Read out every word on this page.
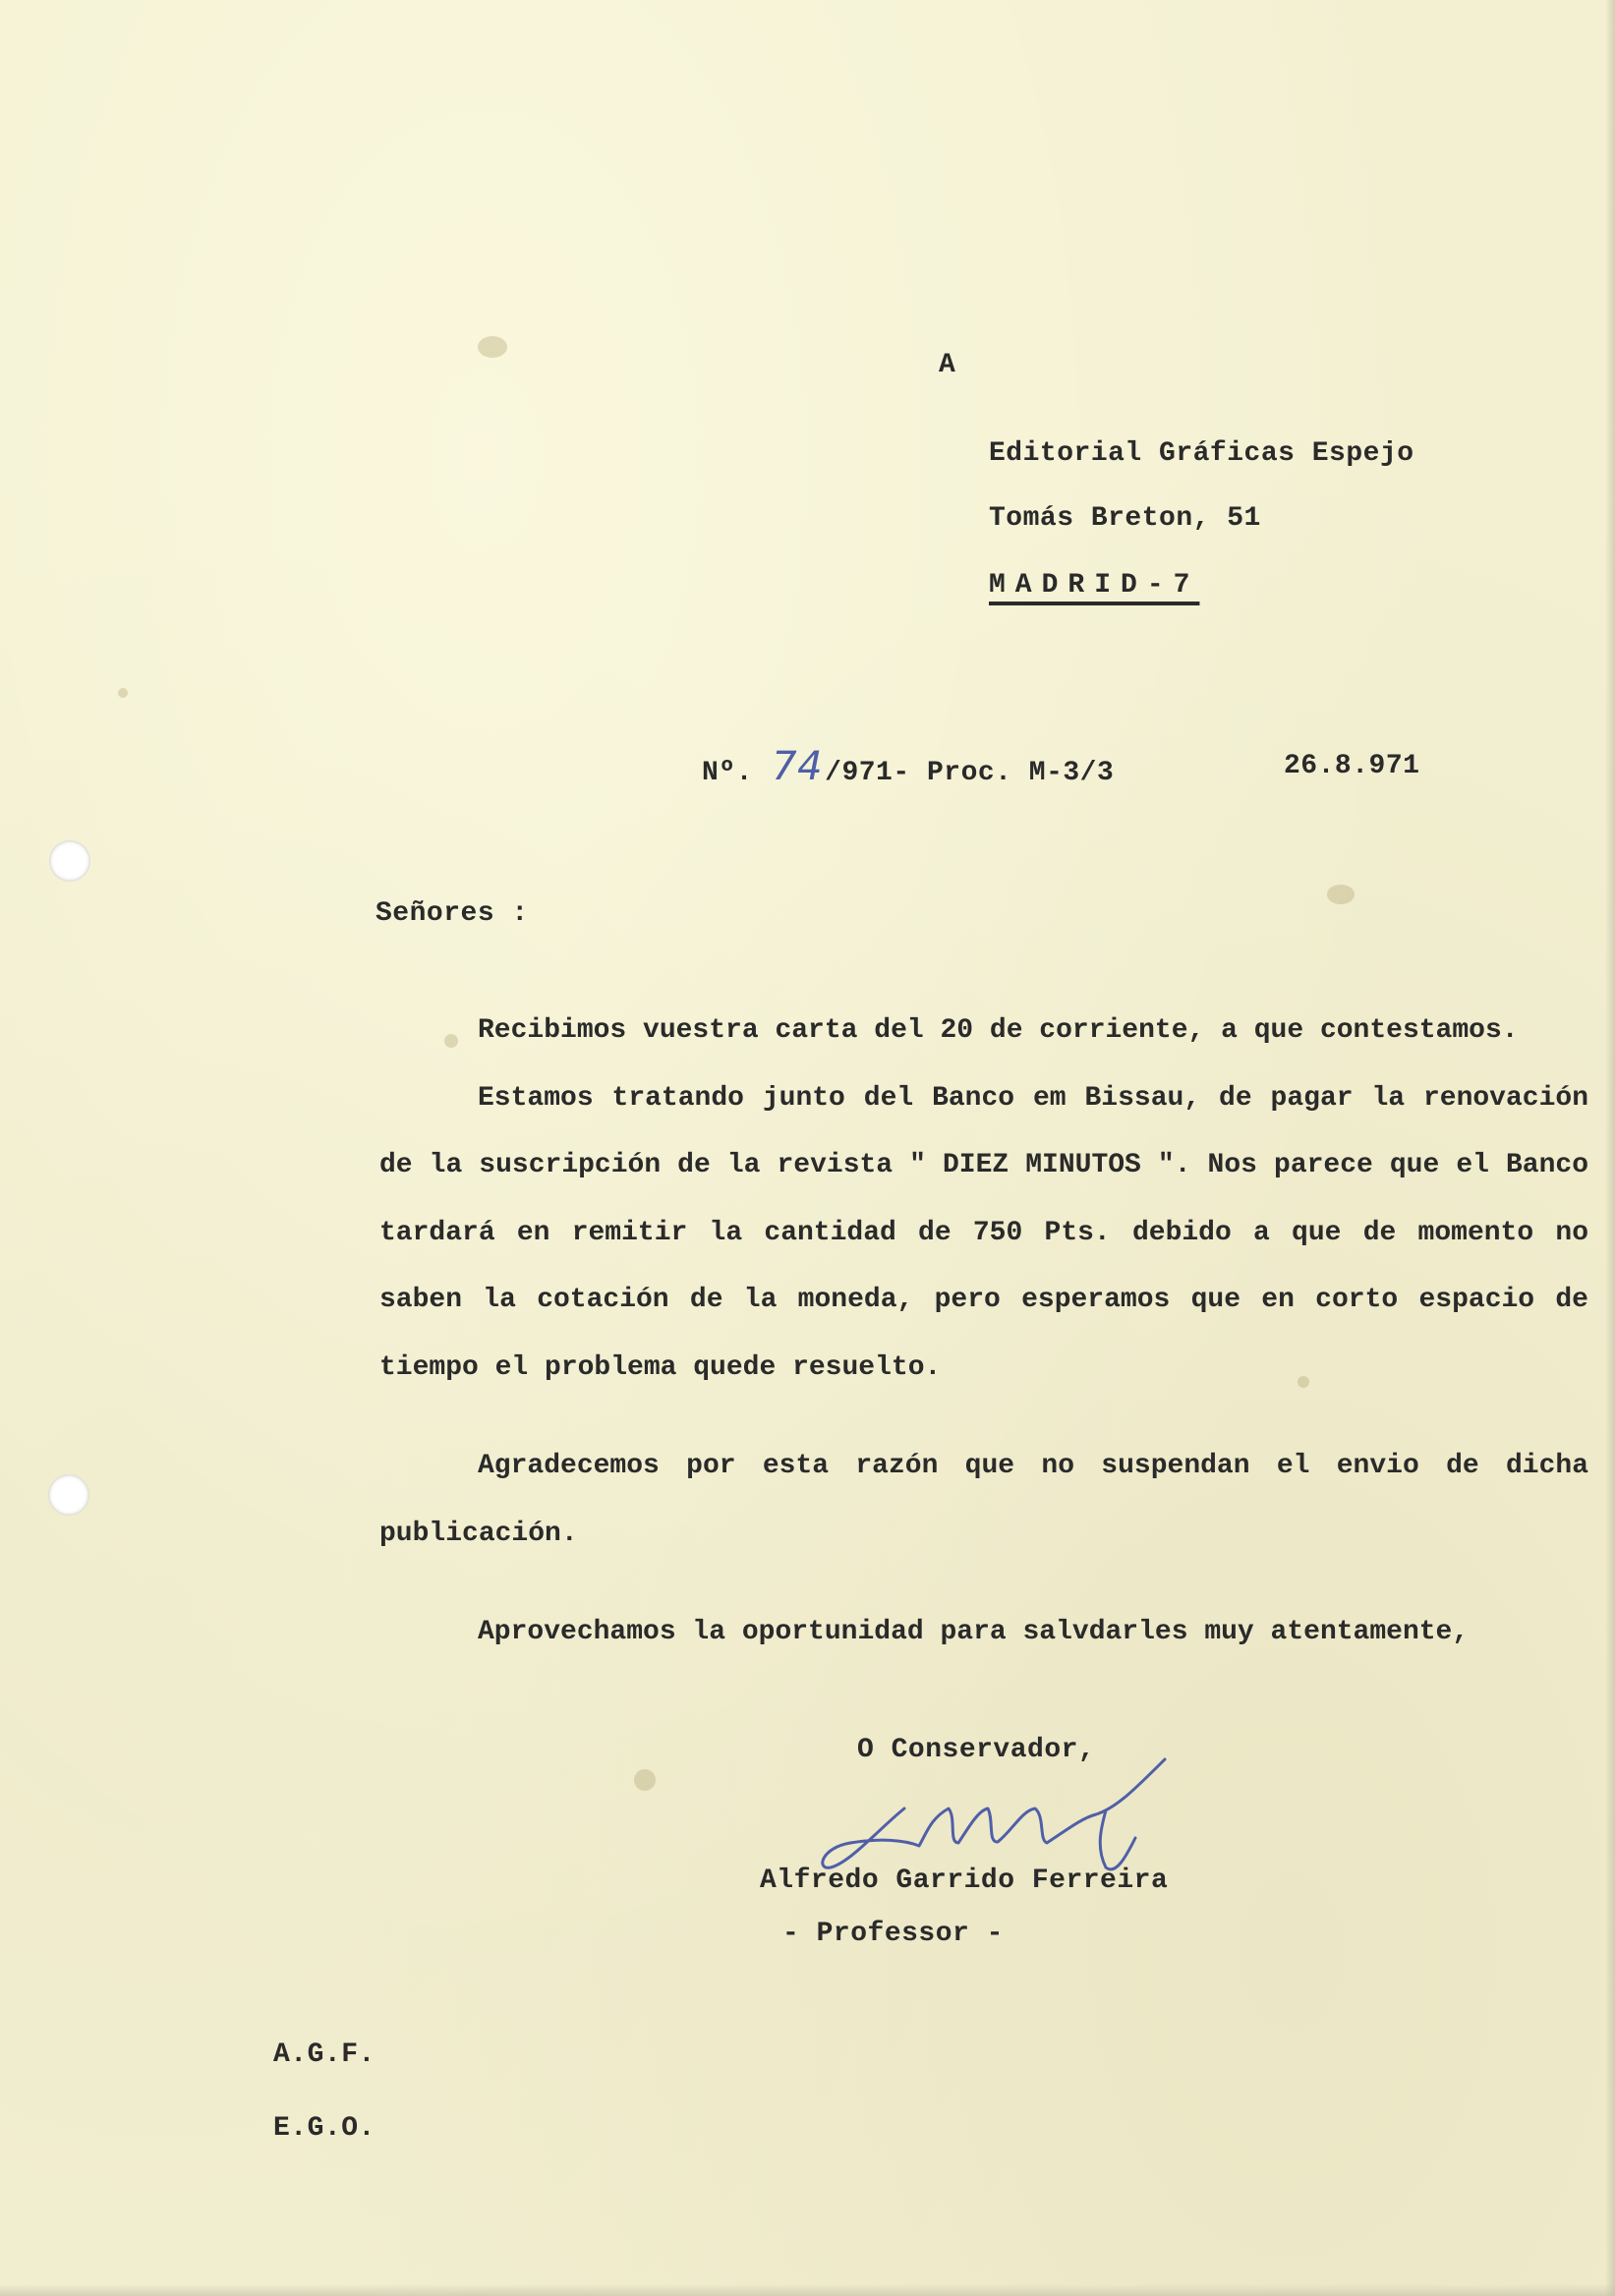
A
Editorial Gráficas Espejo
Tomás Breton, 51
MADRID-7
Nº. 74/971- Proc. M-3/3	26.8.971
Señores :

Recibimos vuestra carta del 20 de corriente, a que contestamos.

Estamos tratando junto del Banco em Bissau, de pagar la renovación de la suscripción de la revista " DIEZ MINUTOS ". Nos parece que el Banco tardará en remitir la cantidad de 750 Pts. debido a que de momento no saben la cotación de la moneda, pero esperamos que en corto espacio de tiempo el problema quede resuelto.

Agradecemos por esta razón que no suspendan el envio de dicha publicación.

Aprovechamos la oportunidad para salvdarles muy atentamente,

O Conservador,
Alfredo Garrido Ferreira
- Professor -
A.G.F.
E.G.O.
